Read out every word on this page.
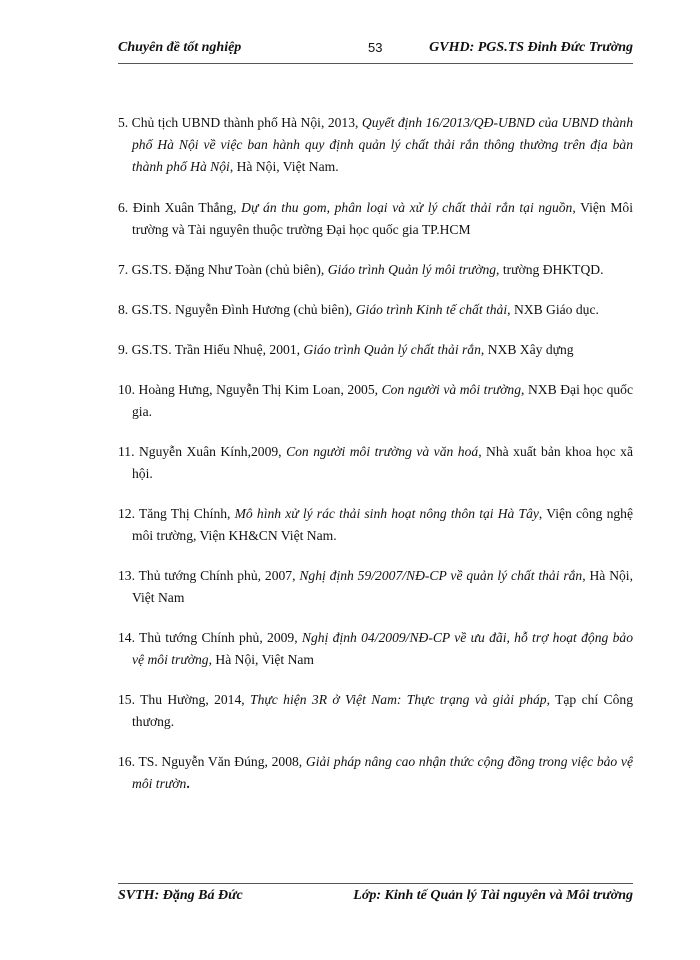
Chuyên đề tốt nghiệp	53	GVHD: PGS.TS Đinh Đức Trường
5. Chủ tịch UBND thành phố Hà Nội, 2013, Quyết định 16/2013/QĐ-UBND của UBND thành phố Hà Nội về việc ban hành quy định quản lý chất thải rắn thông thường trên địa bàn thành phố Hà Nội, Hà Nội, Việt Nam.
6. Đinh Xuân Thắng, Dự án thu gom, phân loại và xử lý chất thải rắn tại nguồn, Viện Môi trường và Tài nguyên thuộc trường Đại học quốc gia TP.HCM
7. GS.TS. Đặng Như Toàn (chủ biên), Giáo trình Quản lý môi trường, trường ĐHKTQD.
8. GS.TS. Nguyễn Đình Hương (chủ biên), Giáo trình Kinh tế chất thải, NXB Giáo dục.
9. GS.TS. Trần Hiếu Nhuệ, 2001, Giáo trình Quản lý chất thải rắn, NXB Xây dựng
10. Hoàng Hưng, Nguyễn Thị Kim Loan, 2005, Con người và môi trường, NXB Đại học quốc gia.
11. Nguyễn Xuân Kính,2009, Con người môi trường và văn hoá, Nhà xuất bản khoa học xã hội.
12. Tăng Thị Chính, Mô hình xử lý rác thải sinh hoạt nông thôn tại Hà Tây, Viện công nghệ môi trường, Viện KH&CN Việt Nam.
13. Thủ tướng Chính phủ, 2007, Nghị định 59/2007/NĐ-CP về quản lý chất thải rắn, Hà Nội, Việt Nam
14. Thủ tướng Chính phủ, 2009, Nghị định 04/2009/NĐ-CP về ưu đãi, hỗ trợ hoạt động bảo vệ môi trường, Hà Nội, Việt Nam
15. Thu Hường, 2014, Thực hiện 3R ở Việt Nam: Thực trạng và giải pháp, Tạp chí Công thương.
16. TS. Nguyễn Văn Đúng, 2008, Giải pháp nâng cao nhận thức cộng đồng trong việc bảo vệ môi trườn.
SVTH: Đặng Bá Đức	Lớp: Kinh tế Quản lý Tài nguyên và Môi trường
